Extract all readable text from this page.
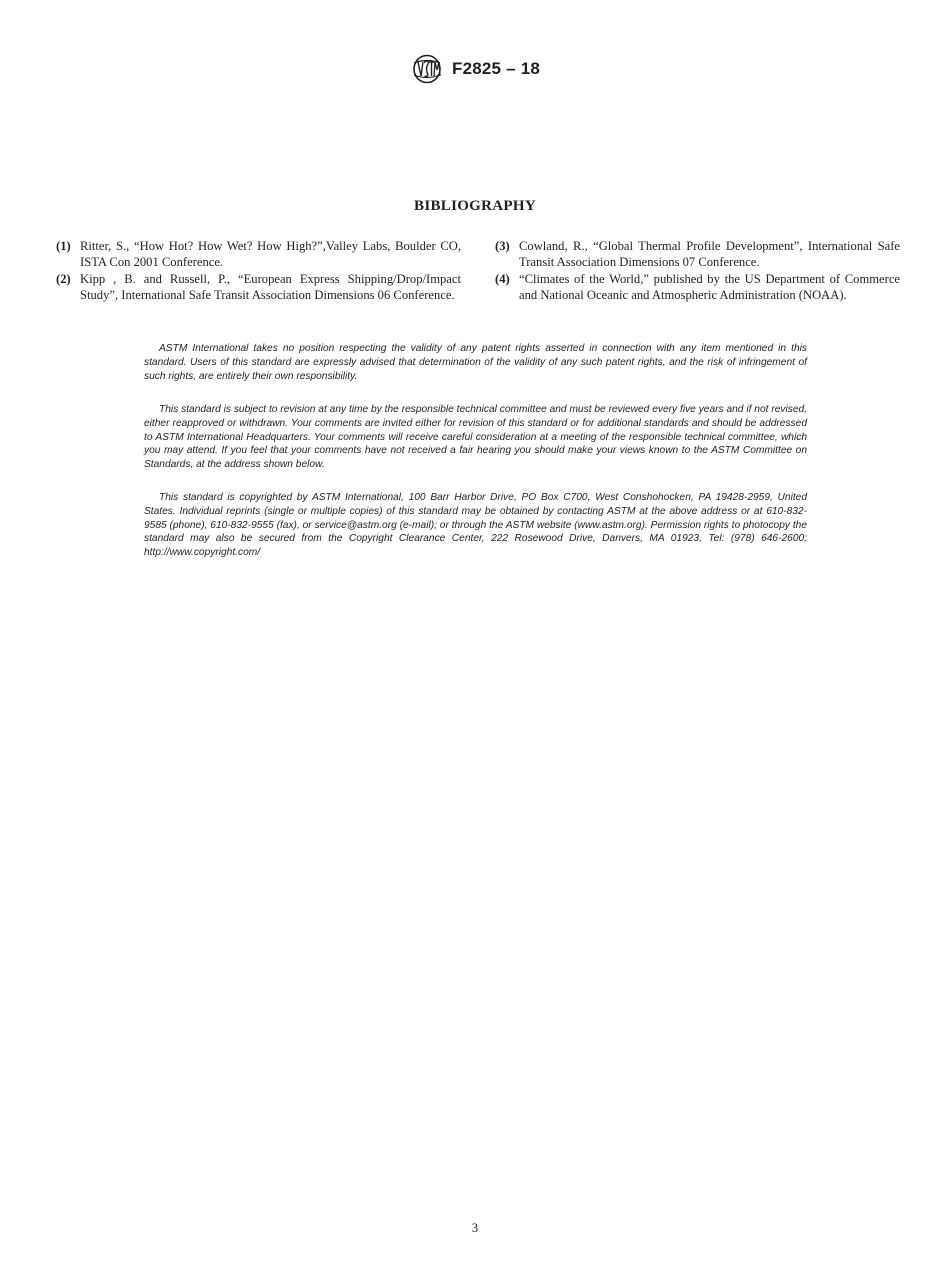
F2825 – 18
BIBLIOGRAPHY

(1) Ritter, S., “How Hot? How Wet? How High?”,Valley Labs, Boulder CO, ISTA Con 2001 Conference.

(2) Kipp , B. and Russell, P., “European Express Shipping/Drop/Impact Study”, International Safe Transit Association Dimensions 06 Conference.

(3) Cowland, R., “Global Thermal Profile Development”, International Safe Transit Association Dimensions 07 Conference.

(4) “Climates of the World,” published by the US Department of Commerce and National Oceanic and Atmospheric Administration (NOAA).

ASTM International takes no position respecting the validity of any patent rights asserted in connection with any item mentioned in this standard. Users of this standard are expressly advised that determination of the validity of any such patent rights, and the risk of infringement of such rights, are entirely their own responsibility.

This standard is subject to revision at any time by the responsible technical committee and must be reviewed every five years and if not revised, either reapproved or withdrawn. Your comments are invited either for revision of this standard or for additional standards and should be addressed to ASTM International Headquarters. Your comments will receive careful consideration at a meeting of the responsible technical committee, which you may attend. If you feel that your comments have not received a fair hearing you should make your views known to the ASTM Committee on Standards, at the address shown below.

This standard is copyrighted by ASTM International, 100 Barr Harbor Drive, PO Box C700, West Conshohocken, PA 19428-2959, United States. Individual reprints (single or multiple copies) of this standard may be obtained by contacting ASTM at the above address or at 610-832-9585 (phone), 610-832-9555 (fax), or service@astm.org (e-mail); or through the ASTM website (www.astm.org). Permission rights to photocopy the standard may also be secured from the Copyright Clearance Center, 222 Rosewood Drive, Danvers, MA 01923, Tel: (978) 646-2600; http://www.copyright.com/

3
